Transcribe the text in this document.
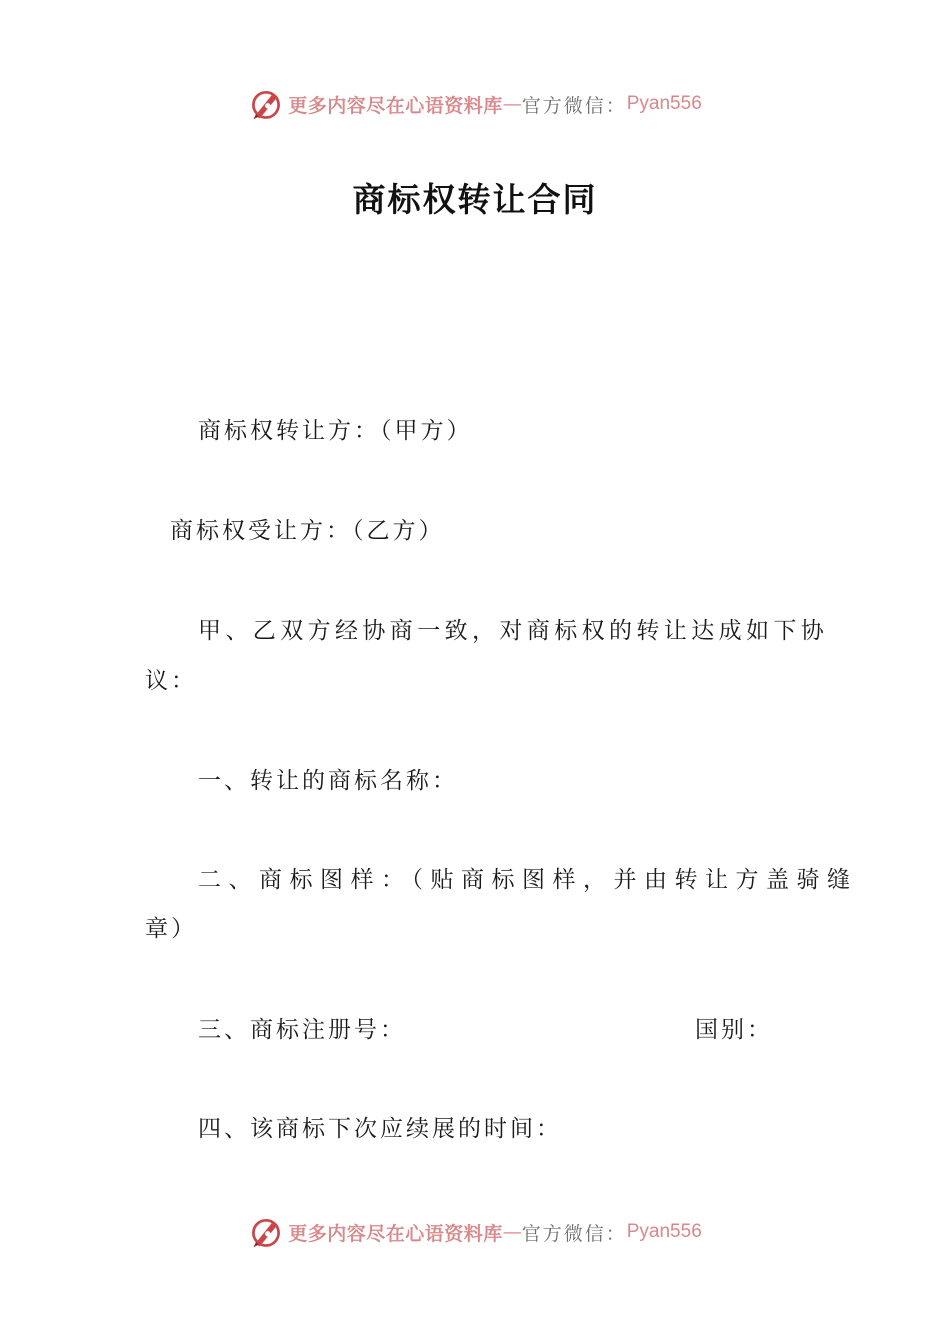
更多内容尽在心语资料库 — 官方微信： Pyan556
商标权转让合同
商标权转让方：（甲方）
商标权受让方：（乙方）
甲、乙双方经协商一致，对商标权的转让达成如下协
议：
一、转让的商标名称：
二、商标图样：（贴商标图样，并由转让方盖骑缝
章）
三、商标注册号：	国别：
四、该商标下次应续展的时间：
更多内容尽在心语资料库 — 官方微信： Pyan556
